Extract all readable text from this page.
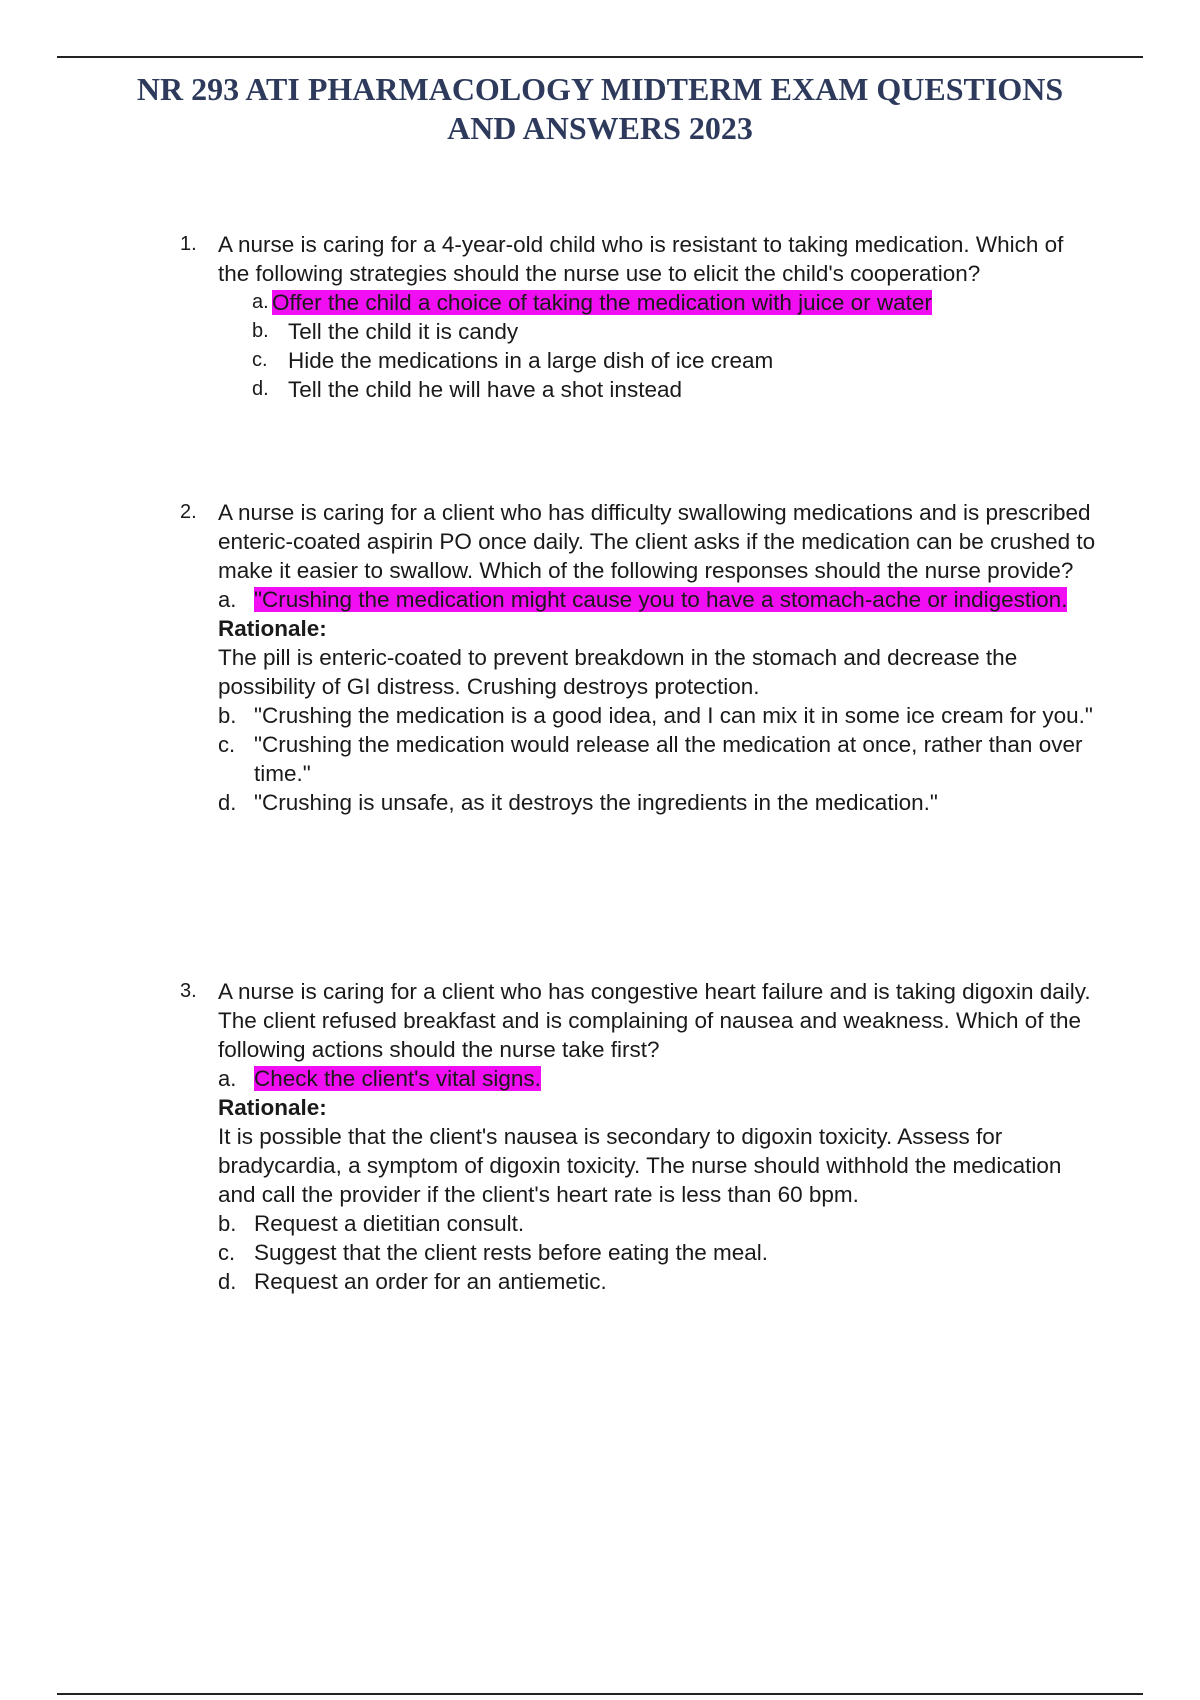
NR 293 ATI PHARMACOLOGY MIDTERM EXAM QUESTIONS
AND ANSWERS 2023
1. A nurse is caring for a 4-year-old child who is resistant to taking medication. Which of the following strategies should the nurse use to elicit the child's cooperation?
a. Offer the child a choice of taking the medication with juice or water
b. Tell the child it is candy
c. Hide the medications in a large dish of ice cream
d. Tell the child he will have a shot instead
2. A nurse is caring for a client who has difficulty swallowing medications and is prescribed enteric-coated aspirin PO once daily. The client asks if the medication can be crushed to make it easier to swallow. Which of the following responses should the nurse provide?
a. "Crushing the medication might cause you to have a stomach-ache or indigestion.
Rationale:
The pill is enteric-coated to prevent breakdown in the stomach and decrease the possibility of GI distress. Crushing destroys protection.
b. "Crushing the medication is a good idea, and I can mix it in some ice cream for you."
c. "Crushing the medication would release all the medication at once, rather than over time."
d. "Crushing is unsafe, as it destroys the ingredients in the medication."
3. A nurse is caring for a client who has congestive heart failure and is taking digoxin daily. The client refused breakfast and is complaining of nausea and weakness. Which of the following actions should the nurse take first?
a. Check the client's vital signs.
Rationale:
It is possible that the client's nausea is secondary to digoxin toxicity. Assess for bradycardia, a symptom of digoxin toxicity. The nurse should withhold the medication and call the provider if the client's heart rate is less than 60 bpm.
b. Request a dietitian consult.
c. Suggest that the client rests before eating the meal.
d. Request an order for an antiemetic.
